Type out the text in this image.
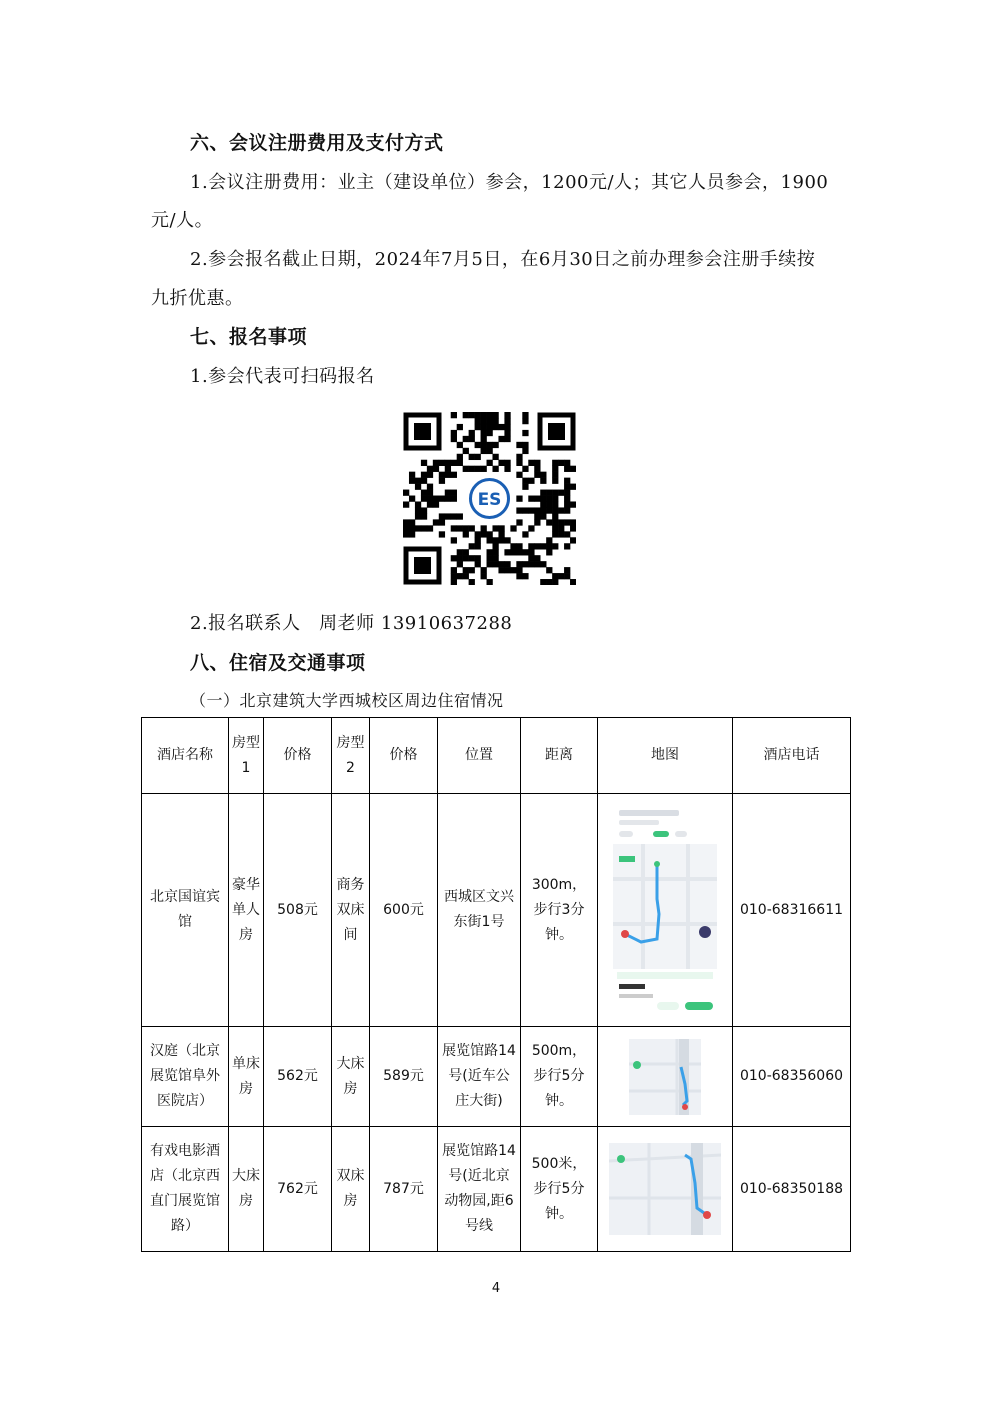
六、会议注册费用及支付方式
1.会议注册费用：业主（建设单位）参会，1200元/人；其它人员参会，1900
元/人。
2.参会报名截止日期，2024年7月5日，在6月30日之前办理参会注册手续按
九折优惠。
七、报名事项
1.参会代表可扫码报名
ES
2.报名联系人　周老师 13910637288
八、住宿及交通事项
（一）北京建筑大学西城校区周边住宿情况
酒店名称	房型1	价格	房型2	价格	位置	距离	地图	酒店电话
北京国谊宾馆	豪华单人房	508元	商务双床间	600元	西城区文兴东街1号	300m，步行3分钟。		010-68316611
汉庭（北京展览馆阜外医院店）	单床房	562元	大床房	589元	展览馆路14号(近车公庄大街)	500m，步行5分钟。		010-68356060

有戏电影酒店（北京西直门展览馆路）	大床房	762元	双床房	787元	展览馆路14号(近北京动物园,距6号线	500米，步行5分钟。		010-68350188
4
